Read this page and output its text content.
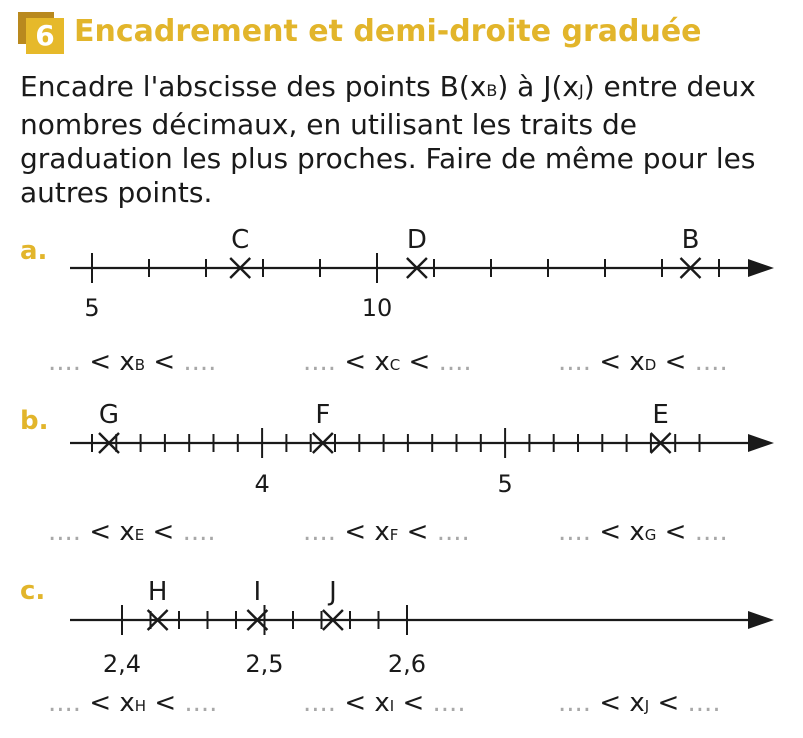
6 Encadrement et demi-droite graduée
Encadre l'abscisse des points B(xB) à J(xJ) entre deux nombres décimaux, en utilisant les traits de graduation les plus proches. Faire de même pour les autres points.
a.
5	10
C	D	B
.... < xB < ....	.... < xC < ....	.... < xD < ....
b.
4	5
G	F	E
.... < xE < ....	.... < xF < ....	.... < xG < ....
c.
2,4	2,5	2,6
H	I	J
.... < xH < ....	.... < xI < ....	.... < xJ < ....
